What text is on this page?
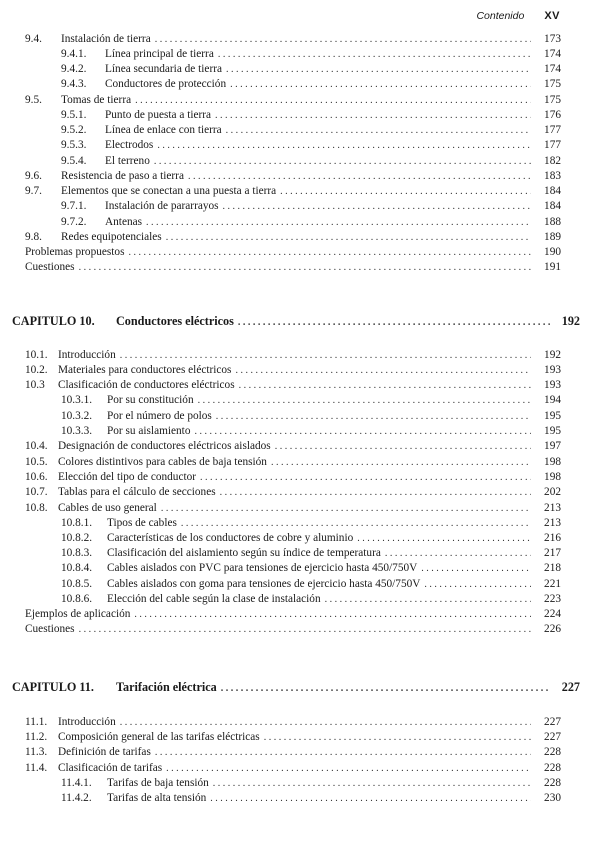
Contenido XV
9.4.	Instalación de tierra . . .	173
9.4.1.	Línea principal de tierra . . .	174
9.4.2.	Línea secundaria de tierra . . .	174
9.4.3.	Conductores de protección . . .	175
9.5.	Tomas de tierra . . .	175
9.5.1.	Punto de puesta a tierra . . .	176
9.5.2.	Línea de enlace con tierra . . .	177
9.5.3.	Electrodos . . .	177
9.5.4.	El terreno . . .	182
9.6.	Resistencia de paso a tierra . . .	183
9.7.	Elementos que se conectan a una puesta a tierra . . .	184
9.7.1.	Instalación de pararrayos . . .	184
9.7.2.	Antenas . . .	188
9.8.	Redes equipotenciales . . .	189
Problemas propuestos . . .	190
Cuestiones . . .	191
CAPITULO 10.	Conductores eléctricos . . .	192
10.1. Introducción . . .	192
10.2. Materiales para conductores eléctricos . . .	193
10.3	Clasificación de conductores eléctricos . . .	193
10.3.1.	Por su constitución . . .	194
10.3.2.	Por el número de polos . . .	195
10.3.3.	Por su aislamiento . . .	195
10.4. Designación de conductores eléctricos aislados . . .	197
10.5. Colores distintivos para cables de baja tensión . . .	198
10.6. Elección del tipo de conductor . . .	198
10.7. Tablas para el cálculo de secciones . . .	202
10.8. Cables de uso general . . .	213
10.8.1.	Tipos de cables . . .	213
10.8.2.	Características de los conductores de cobre y aluminio . . .	216
10.8.3.	Clasificación del aislamiento según su índice de temperatura . . .	217
10.8.4.	Cables aislados con PVC para tensiones de ejercicio hasta 450/750V . . .	218
10.8.5.	Cables aislados con goma para tensiones de ejercicio hasta 450/750V . . .	221
10.8.6.	Elección del cable según la clase de instalación . . .	223
Ejemplos de aplicación . . .	224
Cuestiones . . .	226
CAPITULO 11.	Tarifación eléctrica . . .	227
11.1. Introducción . . .	227
11.2. Composición general de las tarifas eléctricas . . .	227
11.3. Definición de tarifas . . .	228
11.4. Clasificación de tarifas . . .	228
11.4.1.	Tarifas de baja tensión . . .	228
11.4.2.	Tarifas de alta tensión . . .	230
